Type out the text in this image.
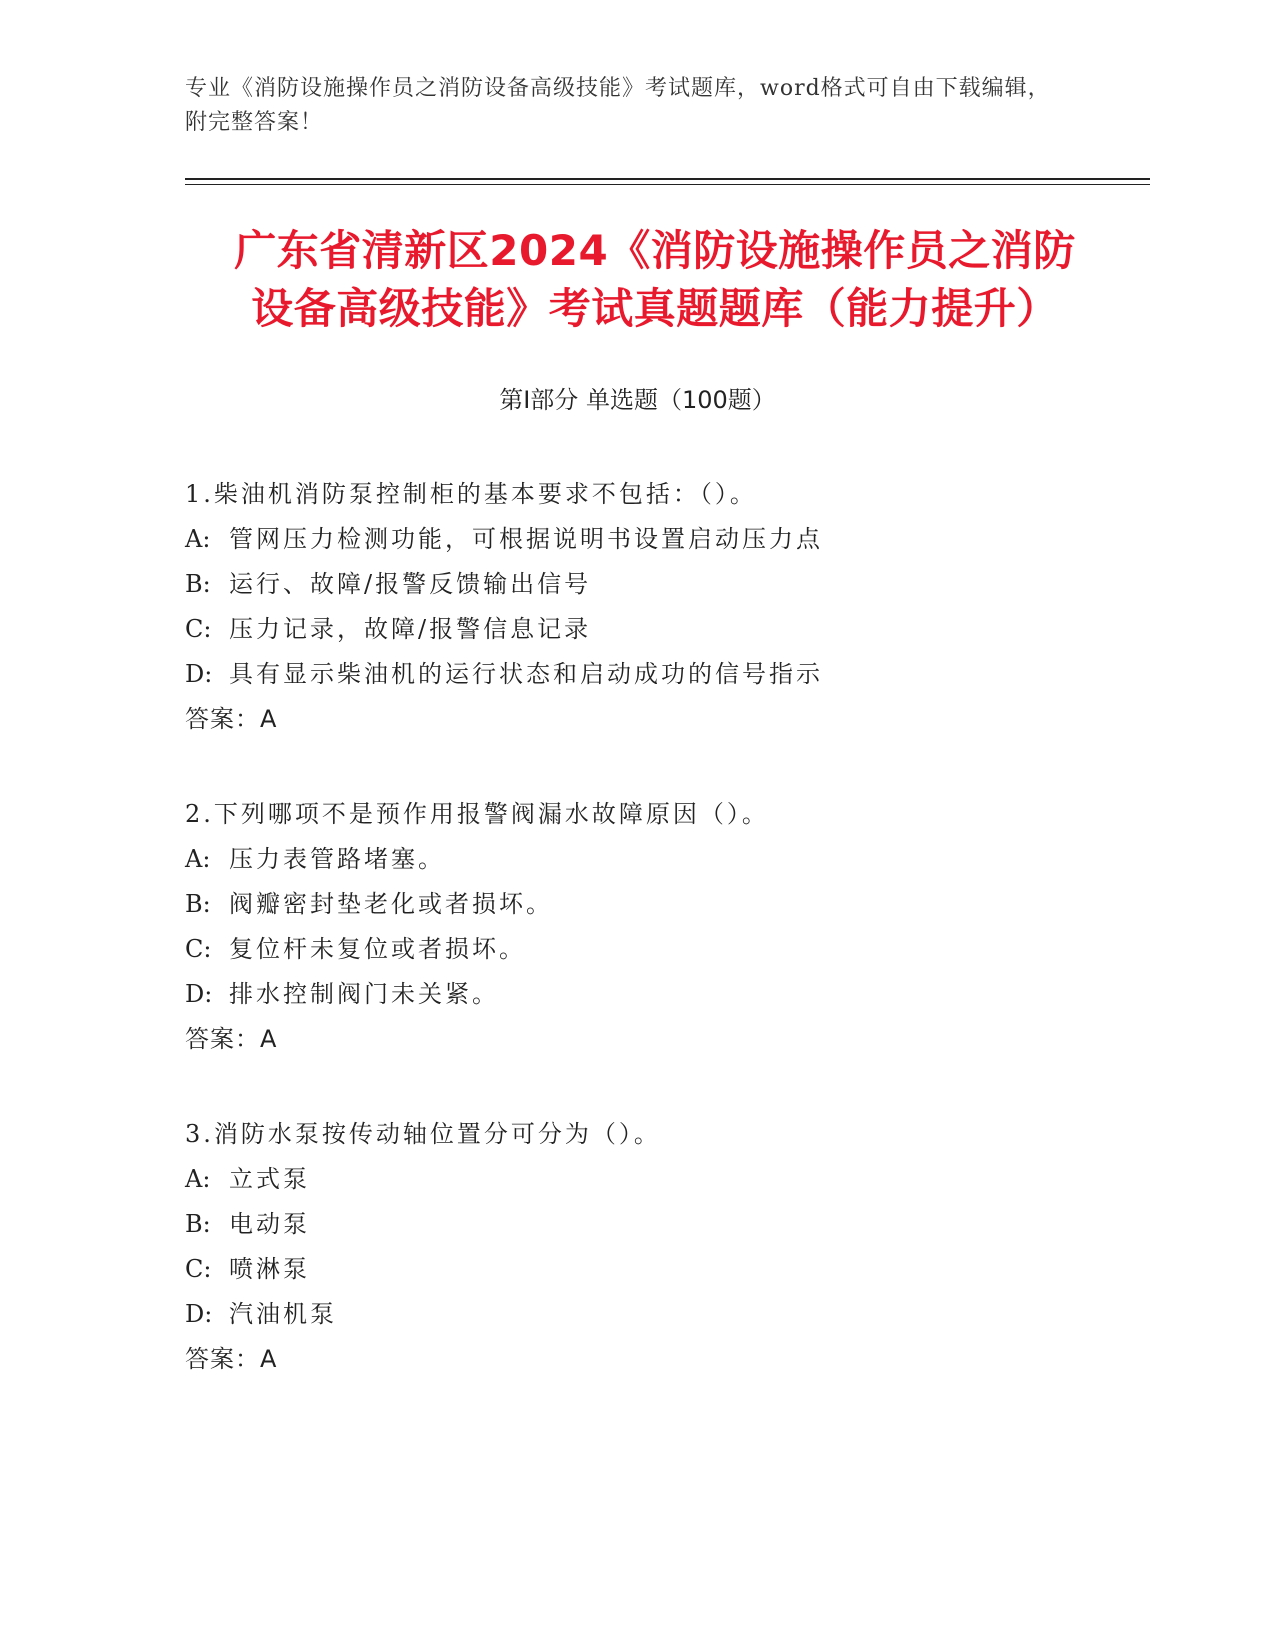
专业《消防设施操作员之消防设备高级技能》考试题库，word格式可自由下载编辑，附完整答案！
广东省清新区2024《消防设施操作员之消防
设备高级技能》考试真题题库（能力提升）
第Ⅰ部分 单选题（100题）
1.柴油机消防泵控制柜的基本要求不包括：（）。
A: 管网压力检测功能，可根据说明书设置启动压力点
B: 运行、故障/报警反馈输出信号
C: 压力记录，故障/报警信息记录
D: 具有显示柴油机的运行状态和启动成功的信号指示
答案：A
2.下列哪项不是预作用报警阀漏水故障原因（）。
A: 压力表管路堵塞。
B: 阀瓣密封垫老化或者损坏。
C: 复位杆未复位或者损坏。
D: 排水控制阀门未关紧。
答案：A
3.消防水泵按传动轴位置分可分为（）。
A: 立式泵
B: 电动泵
C: 喷淋泵
D: 汽油机泵
答案：A
